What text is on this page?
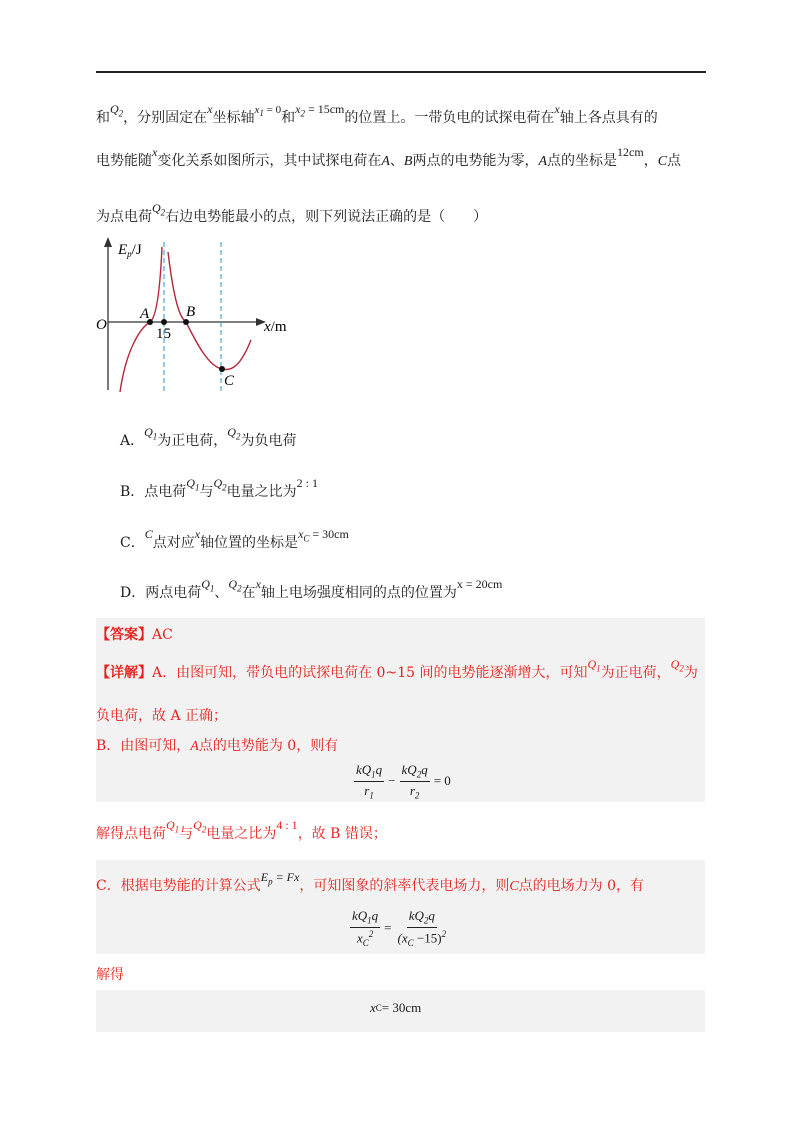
和$Q_2$，分别固定在x坐标轴$^{x_1 = 0}$和$x_2 = 15cm$的位置上。一带负电的试探电荷在x轴上各点具有的
电势能随x变化关系如图所示，其中试探电荷在A、B两点的电势能为零，A点的坐标是12cm，C点
为点电荷$Q_2$右边电势能最小的点，则下列说法正确的是（　　）
$E_p/J$
O
A
15
B
C
x/m
A．$Q_1$为正电荷，$Q_2$为负电荷
B．点电荷$Q_1$与$Q_2$电量之比为2 : 1
C．C点对应x轴位置的坐标是$x_C = 30cm$
D．两点电荷$Q_1$、$Q_2$在x轴上电场强度相同的点的位置为x = 20cm
【答案】AC
【详解】A．由图可知，带负电的试探电荷在 0~15 间的电势能逐渐增大，可知$Q_1$为正电荷，$Q_2$为
负电荷，故 A 正确；
B．由图可知，A点的电势能为 0，则有
$\frac{kQ_1q}{r_1} - \frac{kQ_2q}{r_2} = 0$
解得点电荷$Q_1$与$Q_2$电量之比为4 : 1，故 B 错误；
C．根据电势能的计算公式$E_p = Fx$，可知图象的斜率代表电场力，则C点的电场力为 0，有
$\frac{kQ_1q}{x_C^2} = \frac{kQ_2q}{(x_C -15)^2}$
解得
x C = 30cm
